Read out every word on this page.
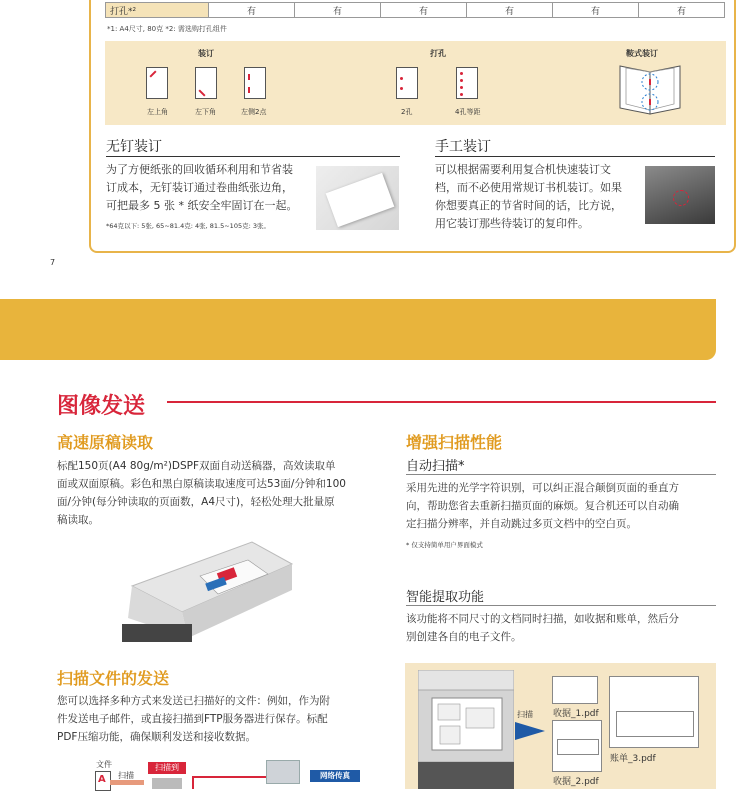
打孔*²	有	有	有	有	有	有
*1: A4尺寸, 80克 *2: 需选购打孔组件
装订	打孔	鞍式装订
左上角	左下角	左侧2点	2孔	4孔等距
无钉装订
为了方便纸张的回收循环利用和节省装
订成本，无钉装订通过卷曲纸张边角，
可把最多 5 张 * 纸安全牢固订在一起。
*64克以下: 5张, 65~81.4克: 4张, 81.5~105克: 3张。
手工装订
可以根据需要利用复合机快速装订文
档，而不必使用常规订书机装订。如果
你想要真正的节省时间的话，比方说，
用它装订那些待装订的复印件。
7
图像发送
高速原稿读取
标配150页(A4 80g/m²)DSPF双面自动送稿器，高效读取单
面或双面原稿。彩色和黑白原稿读取速度可达53面/分钟和100
面/分钟(每分钟读取的页面数，A4尺寸)，轻松处理大批量原
稿读取。
扫描文件的发送
您可以选择多种方式来发送已扫描好的文件：例如，作为附
件发送电子邮件，或直接扫描到FTP服务器进行保存。标配
PDF压缩功能，确保顺利发送和接收数据。
文件
A 扫描
扫描到
网络传真
增强扫描性能
自动扫描*
采用先进的光学字符识别，可以纠正混合颠倒页面的垂直方
向，帮助您省去重新扫描页面的麻烦。复合机还可以自动确
定扫描分辨率，并自动跳过多页文档中的空白页。
* 仅支持简单用户界面模式
智能提取功能
该功能将不同尺寸的文档同时扫描，如收据和账单，然后分
别创建各自的电子文件。
扫描 收据_1.pdf
收据_2.pdf
账单_3.pdf
